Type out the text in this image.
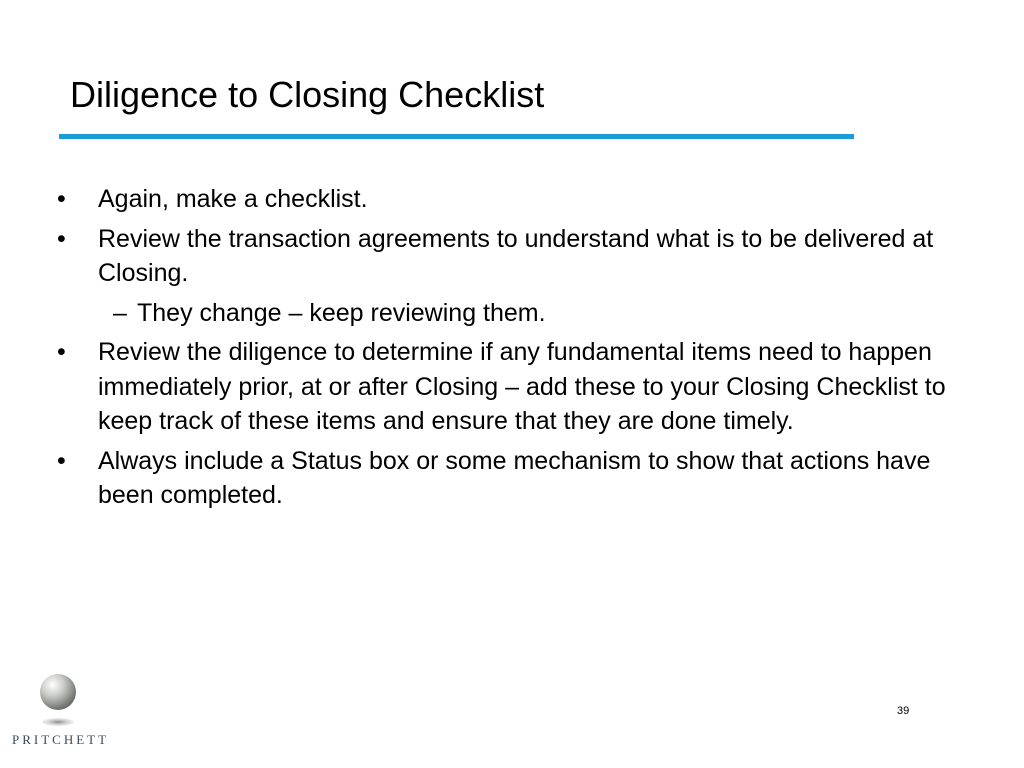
Diligence to Closing Checklist
•	Again, make a checklist.
•	Review the transaction agreements to understand what is to be delivered at Closing.
– They change – keep reviewing them.
•	Review the diligence to determine if any fundamental items need to happen immediately prior, at or after Closing – add these to your Closing Checklist to keep track of these items and ensure that they are done timely.
•	Always include a Status box or some mechanism to show that actions have been completed.
PRITCHETT
39
